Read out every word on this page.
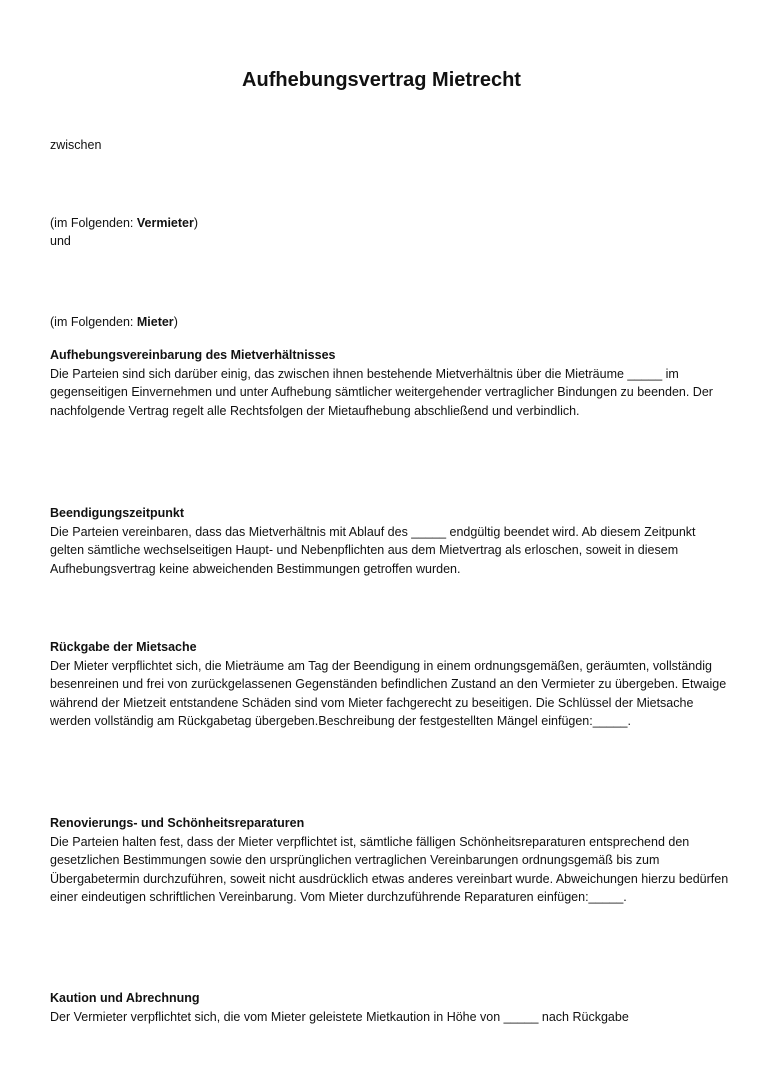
Aufhebungsvertrag Mietrecht
zwischen
(im Folgenden: Vermieter)
und
(im Folgenden: Mieter)
Aufhebungsvereinbarung des Mietverhältnisses
Die Parteien sind sich darüber einig, das zwischen ihnen bestehende Mietverhältnis über die Mieträume _____ im gegenseitigen Einvernehmen und unter Aufhebung sämtlicher weitergehender vertraglicher Bindungen zu beenden. Der nachfolgende Vertrag regelt alle Rechtsfolgen der Mietaufhebung abschließend und verbindlich.
Beendigungszeitpunkt
Die Parteien vereinbaren, dass das Mietverhältnis mit Ablauf des _____ endgültig beendet wird. Ab diesem Zeitpunkt gelten sämtliche wechselseitigen Haupt- und Nebenpflichten aus dem Mietvertrag als erloschen, soweit in diesem Aufhebungsvertrag keine abweichenden Bestimmungen getroffen wurden.
Rückgabe der Mietsache
Der Mieter verpflichtet sich, die Mieträume am Tag der Beendigung in einem ordnungsgemäßen, geräumten, vollständig besenreinen und frei von zurückgelassenen Gegenständen befindlichen Zustand an den Vermieter zu übergeben. Etwaige während der Mietzeit entstandene Schäden sind vom Mieter fachgerecht zu beseitigen. Die Schlüssel der Mietsache werden vollständig am Rückgabetag übergeben.Beschreibung der festgestellten Mängel einfügen:_____.
Renovierungs- und Schönheitsreparaturen
Die Parteien halten fest, dass der Mieter verpflichtet ist, sämtliche fälligen Schönheitsreparaturen entsprechend den gesetzlichen Bestimmungen sowie den ursprünglichen vertraglichen Vereinbarungen ordnungsgemäß bis zum Übergabetermin durchzuführen, soweit nicht ausdrücklich etwas anderes vereinbart wurde. Abweichungen hierzu bedürfen einer eindeutigen schriftlichen Vereinbarung. Vom Mieter durchzuführende Reparaturen einfügen:_____.
Kaution und Abrechnung
Der Vermieter verpflichtet sich, die vom Mieter geleistete Mietkaution in Höhe von _____ nach Rückgabe
